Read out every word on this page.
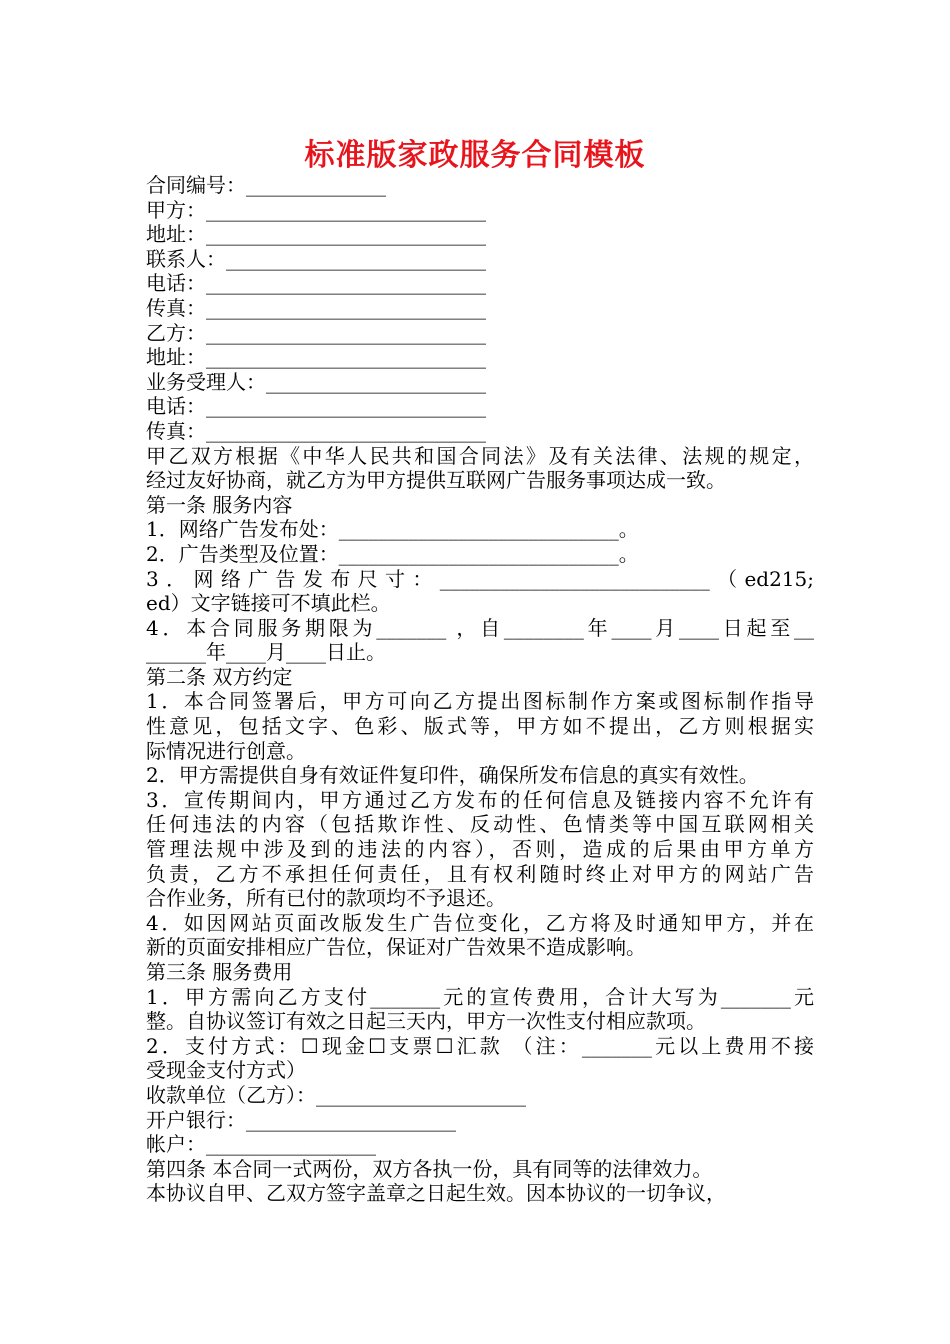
标准版家政服务合同模板
合同编号：______________
甲方：____________________________
地址：____________________________
联系人：__________________________
电话：____________________________
传真：____________________________
乙方：____________________________
地址：____________________________
业务受理人：______________________
电话：____________________________
传真：____________________________
甲乙双方根据《中华人民共和国合同法》及有关法律、法规的规定，
经过友好协商，就乙方为甲方提供互联网广告服务事项达成一致。
第一条 服务内容
1．网络广告发布处：____________________________。
2．广告类型及位置：____________________________。
3．网络广告发布尺寸：___________________________（ed215;
ed）文字链接可不填此栏。
4．本合同服务期限为_______ ，自________年____月____日起至__
______年____月____日止。
第二条 双方约定
1．本合同签署后，甲方可向乙方提出图标制作方案或图标制作指导
性意见，包括文字、色彩、版式等，甲方如不提出，乙方则根据实
际情况进行创意。
2．甲方需提供自身有效证件复印件，确保所发布信息的真实有效性。
3．宣传期间内，甲方通过乙方发布的任何信息及链接内容不允许有
任何违法的内容（包括欺诈性、反动性、色情类等中国互联网相关
管理法规中涉及到的违法的内容），否则，造成的后果由甲方单方
负责，乙方不承担任何责任，且有权利随时终止对甲方的网站广告
合作业务，所有已付的款项均不予退还。
4．如因网站页面改版发生广告位变化，乙方将及时通知甲方，并在
新的页面安排相应广告位，保证对广告效果不造成影响。
第三条 服务费用
1．甲方需向乙方支付_______元的宣传费用，合计大写为_______元
整。自协议签订有效之日起三天内，甲方一次性支付相应款项。
2．支付方式：☐现金☐支票☐汇款 （注：_______元以上费用不接
受现金支付方式）
收款单位（乙方）：_____________________
开户银行：_____________________
帐户：_________________
第四条 本合同一式两份，双方各执一份，具有同等的法律效力。
本协议自甲、乙双方签字盖章之日起生效。因本协议的一切争议，
